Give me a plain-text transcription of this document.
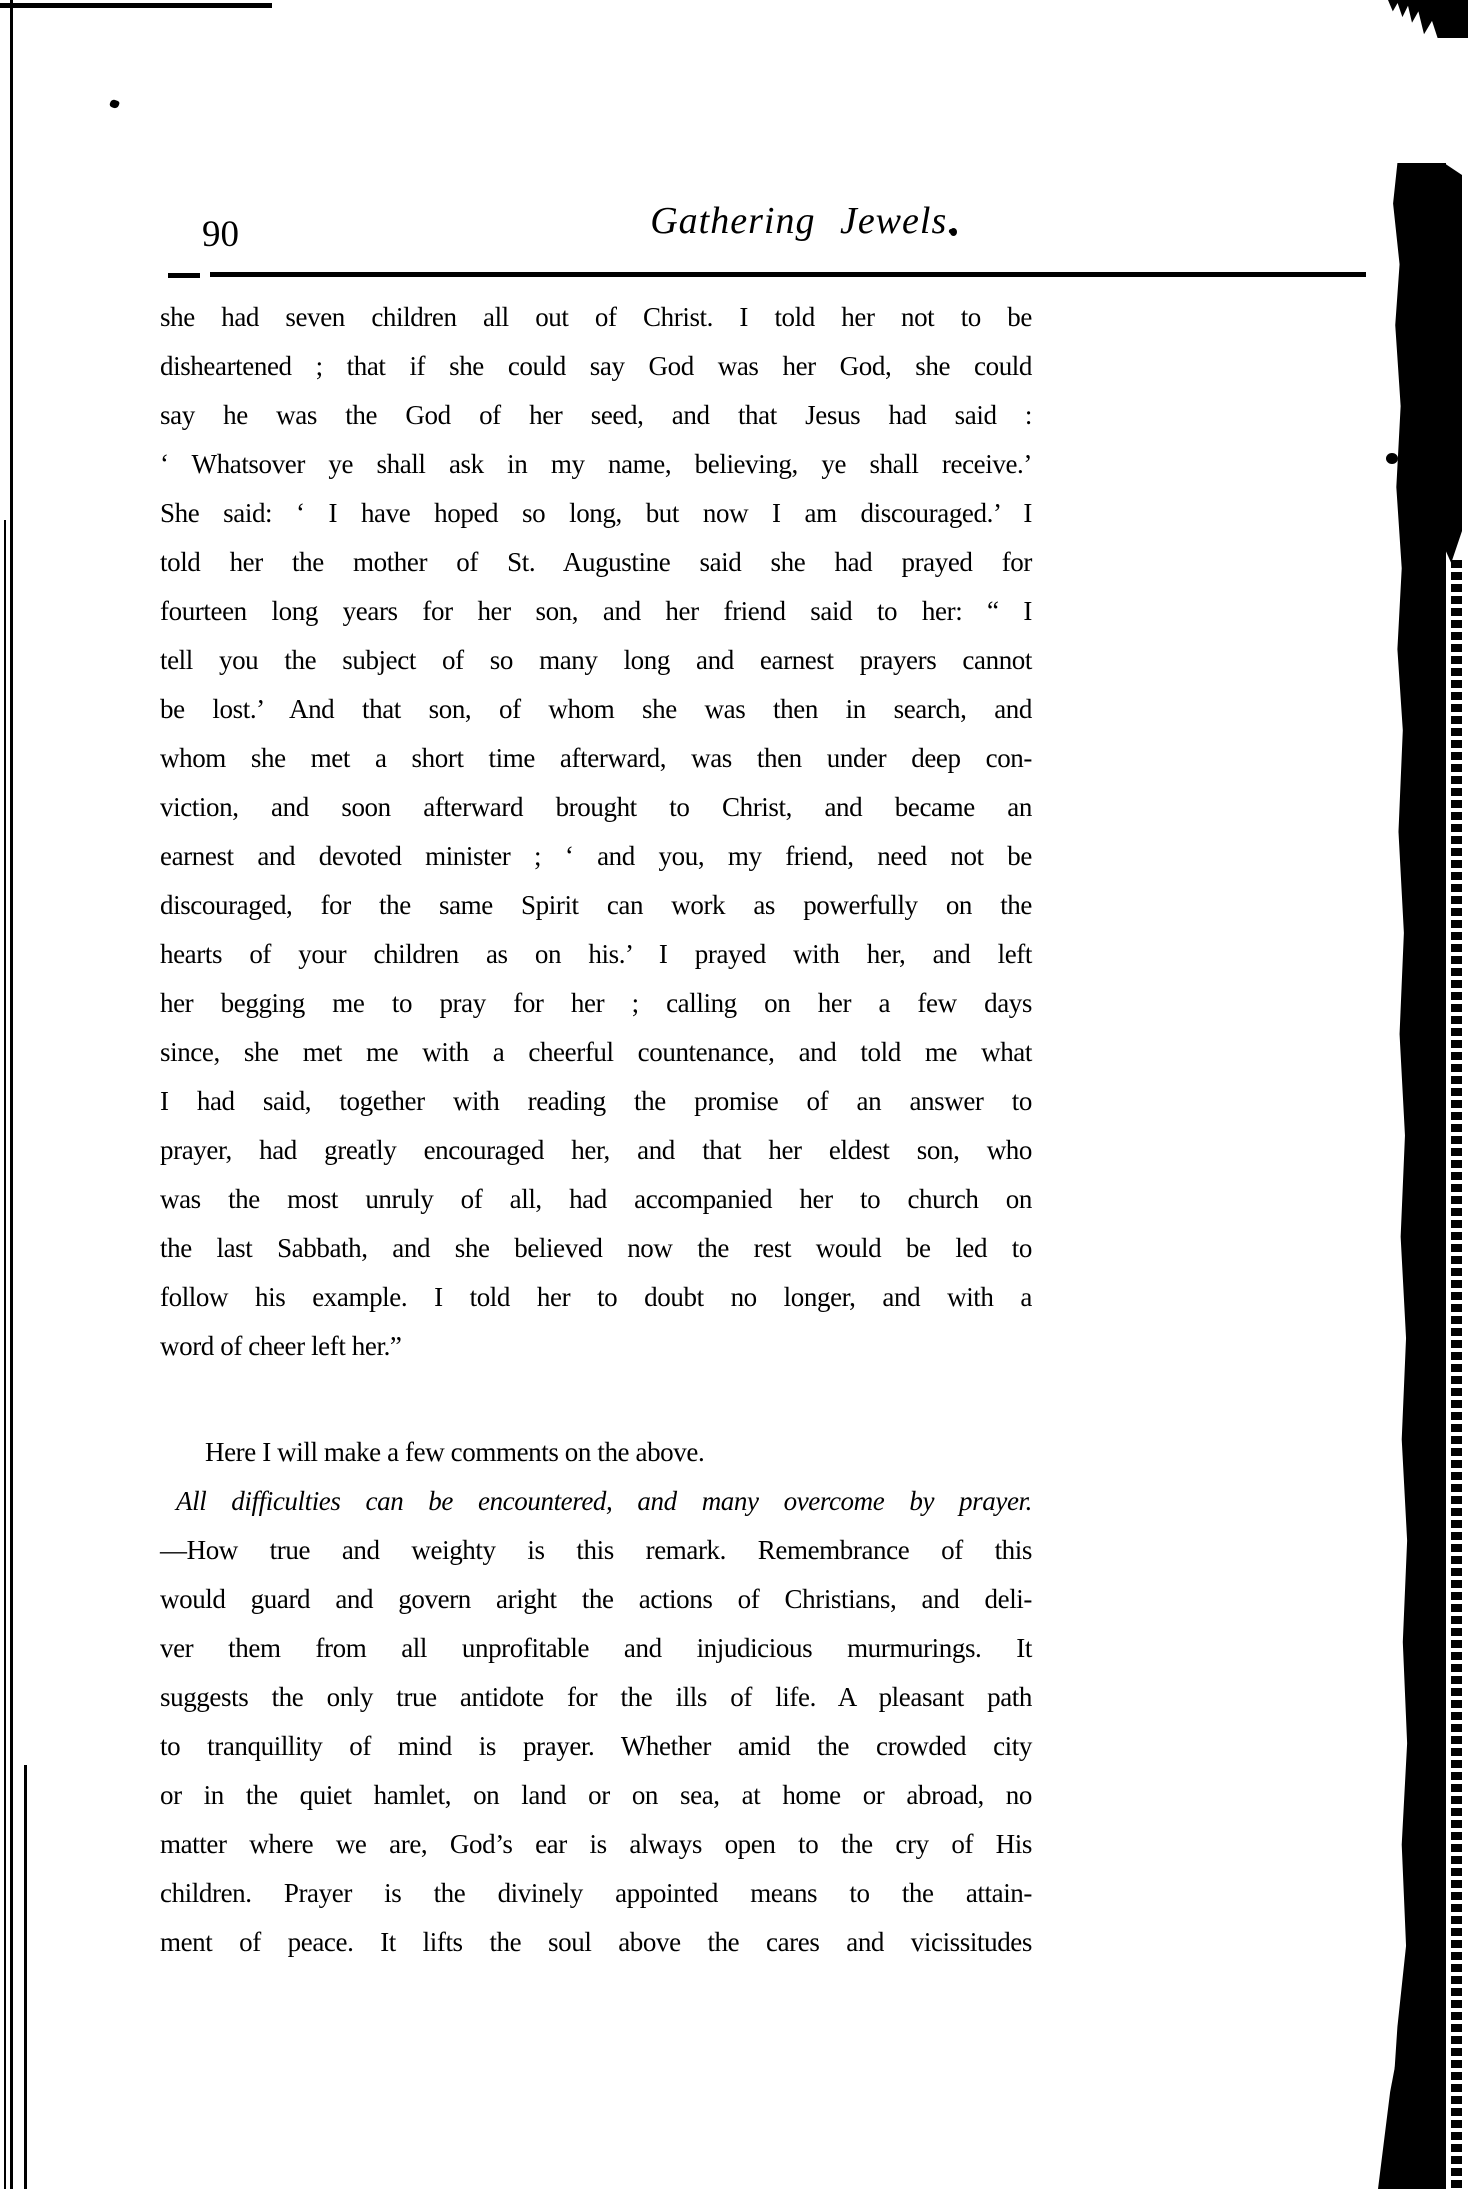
90	Gathering Jewels.
she had seven children all out of Christ. I told her not to be
disheartened ; that if she could say God was her God, she could
say he was the God of her seed, and that Jesus had said :
‘ Whatsover ye shall ask in my name, believing, ye shall receive.’
She said: ‘ I have hoped so long, but now I am discouraged.’ I
told her the mother of St. Augustine said she had prayed for
fourteen long years for her son, and her friend said to her: “ I
tell you the subject of so many long and earnest prayers cannot
be lost.’ And that son, of whom she was then in search, and
whom she met a short time afterward, was then under deep con-
viction, and soon afterward brought to Christ, and became an
earnest and devoted minister ; ‘ and you, my friend, need not be
discouraged, for the same Spirit can work as powerfully on the
hearts of your children as on his.’ I prayed with her, and left
her begging me to pray for her ; calling on her a few days
since, she met me with a cheerful countenance, and told me what
I had said, together with reading the promise of an answer to
prayer, had greatly encouraged her, and that her eldest son, who
was the most unruly of all, had accompanied her to church on
the last Sabbath, and she believed now the rest would be led to
follow his example. I told her to doubt no longer, and with a
word of cheer left her.”
Here I will make a few comments on the above.
All difficulties can be encountered, and many overcome by prayer.
—How true and weighty is this remark. Remembrance of this
would guard and govern aright the actions of Christians, and deli-
ver them from all unprofitable and injudicious murmurings. It
suggests the only true antidote for the ills of life. A pleasant path
to tranquillity of mind is prayer. Whether amid the crowded city
or in the quiet hamlet, on land or on sea, at home or abroad, no
matter where we are, God’s ear is always open to the cry of His
children. Prayer is the divinely appointed means to the attain-
ment of peace. It lifts the soul above the cares and vicissitudes
